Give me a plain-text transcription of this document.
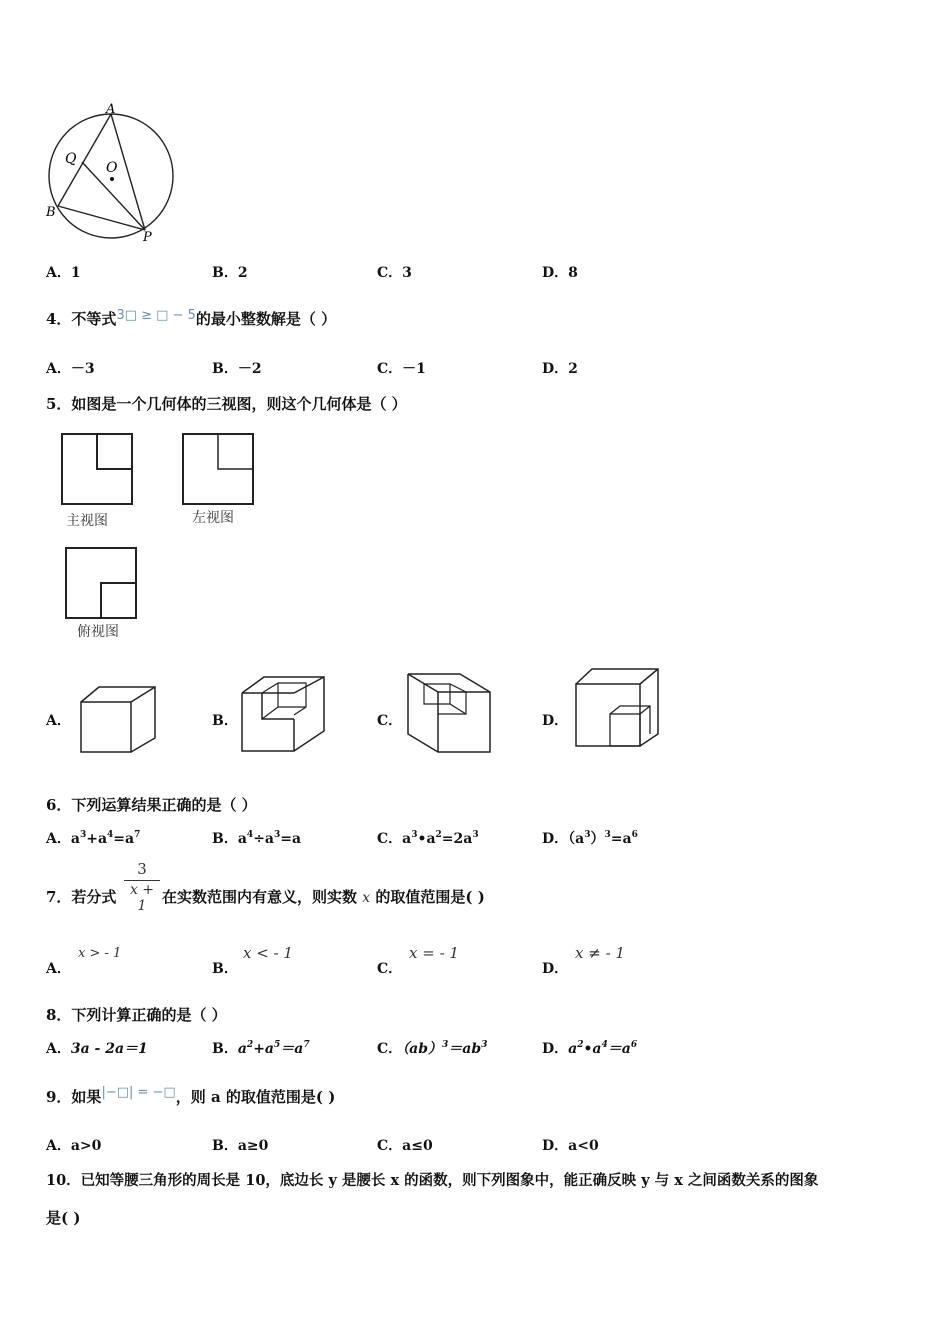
A
Q
O
B
P
A．1	B．2	C．3	D．8
4．不等式3□ ≥ □ − 5的最小整数解是（ ）
A．－3	B．－2	C．－1	D．2
5．如图是一个几何体的三视图，则这个几何体是（ ）
主视图	左视图
俯视图
A．	B．	C．	D．
6．下列运算结果正确的是（ ）
A．$a^3+a^4=a^7$	B．$a^4\div a^3=a$	C．$a^3•a^2=2a^3$	D．$(a^3)^3=a^6$
7．若分式 $\frac{3}{x + 1}$ 在实数范围内有意义，则实数 x 的取值范围是( )
A．
x > - 1
B．
x < - 1
C．
x = - 1
D．
x ≠ - 1
8．下列计算正确的是（ ）
A．3a - 2a＝1	B．$a^2+a^5=a^7$	C．$(ab)^3=ab^3$	D．$a^2•a^4=a^6$
9．如果|−□| = −□，则 a 的取值范围是( )
A．a>0	B．a≥0	C．a≤0	D．a<0
10．已知等腰三角形的周长是 10，底边长 y 是腰长 x 的函数，则下列图象中，能正确反映 y 与 x 之间函数关系的图象
是( )
